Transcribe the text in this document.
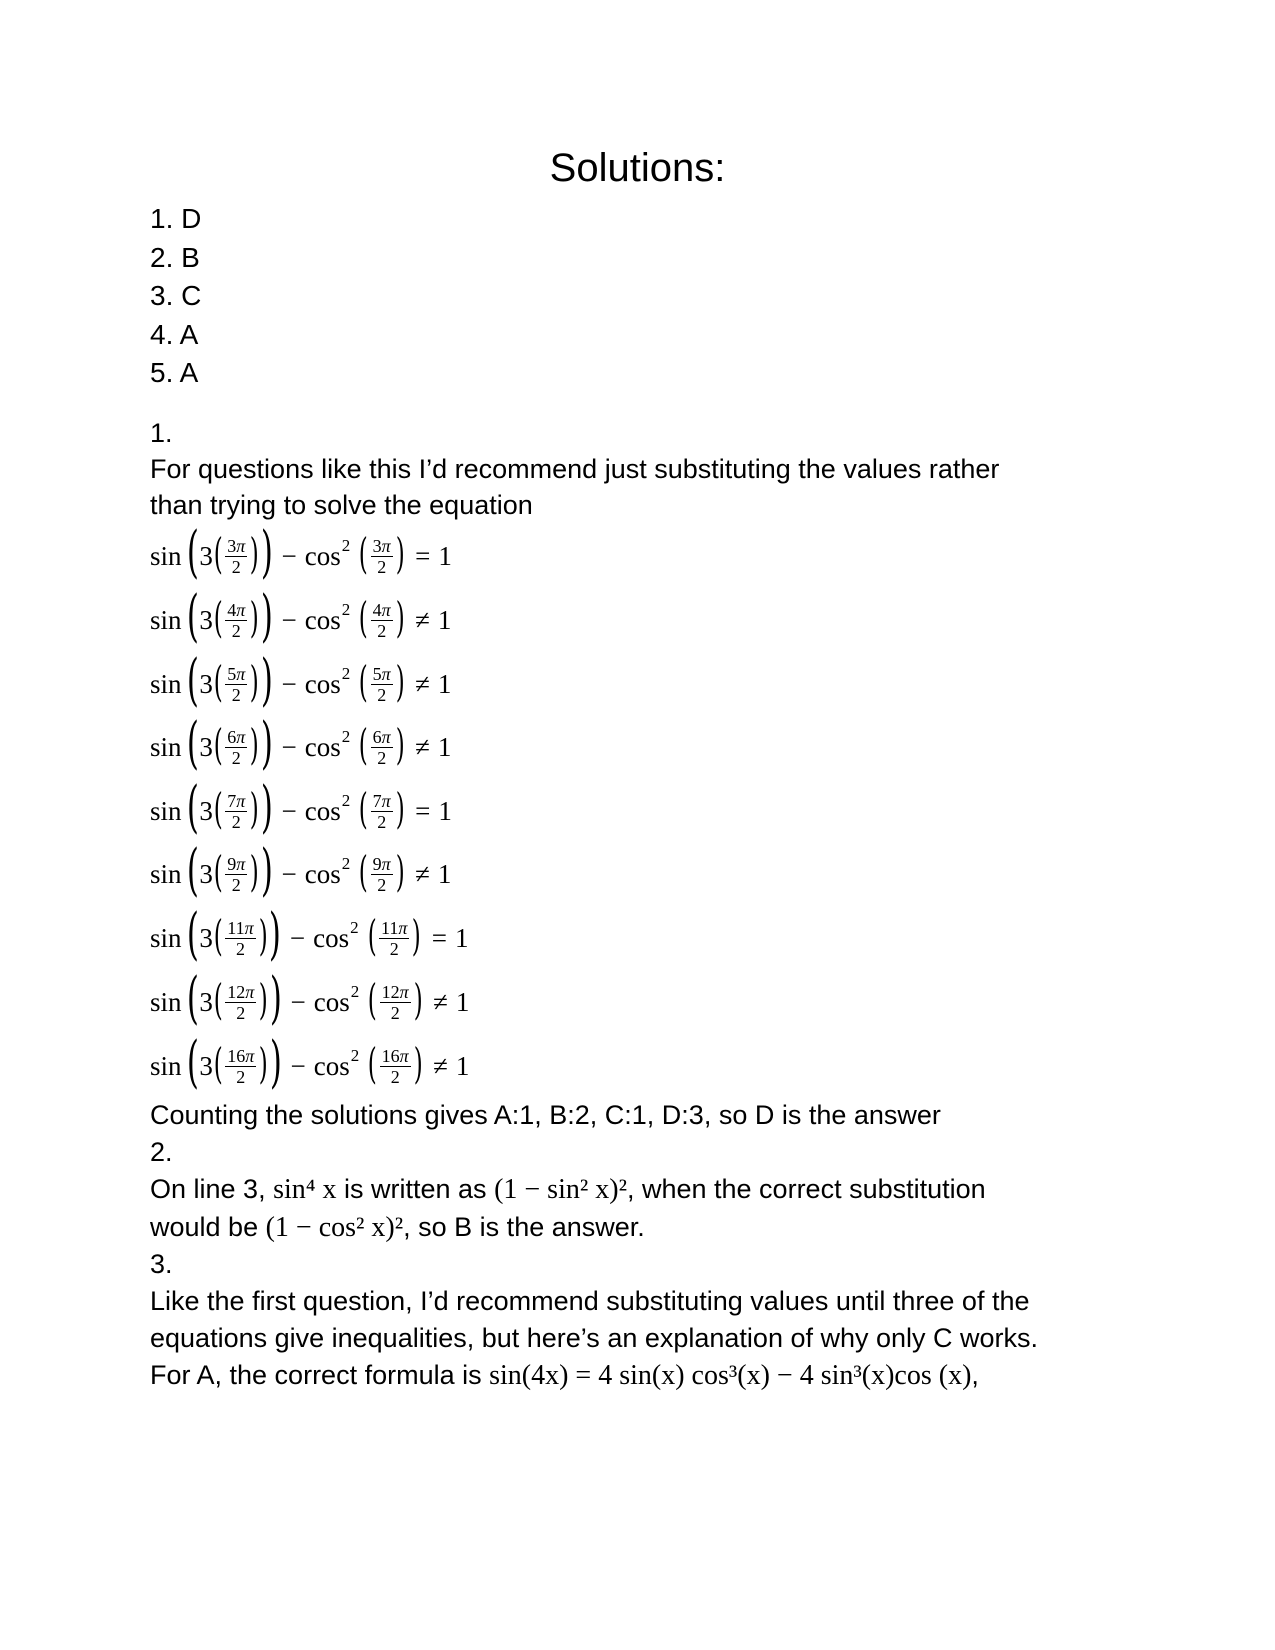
Solutions:
1. D
2. B
3. C
4. A
5. A
1.
For questions like this I’d recommend just substituting the values rather
than trying to solve the equation
sin ( 3 ( $\frac{3\pi}{2}$ ) ) − cos 2 ( $\frac{3\pi}{2}$ ) = 1
sin ( 3 ( $\frac{4\pi}{2}$ ) ) − cos 2 ( $\frac{4\pi}{2}$ ) ≠ 1
sin ( 3 ( $\frac{5\pi}{2}$ ) ) − cos 2 ( $\frac{5\pi}{2}$ ) ≠ 1
sin ( 3 ( $\frac{6\pi}{2}$ ) ) − cos 2 ( $\frac{6\pi}{2}$ ) ≠ 1
sin ( 3 ( $\frac{7\pi}{2}$ ) ) − cos 2 ( $\frac{7\pi}{2}$ ) = 1
sin ( 3 ( $\frac{9\pi}{2}$ ) ) − cos 2 ( $\frac{9\pi}{2}$ ) ≠ 1
sin ( 3 ( $\frac{11\pi}{2}$ ) ) − cos 2 ( $\frac{11\pi}{2}$ ) = 1
sin ( 3 ( $\frac{12\pi}{2}$ ) ) − cos 2 ( $\frac{12\pi}{2}$ ) ≠ 1
sin ( 3 ( $\frac{16\pi}{2}$ ) ) − cos 2 ( $\frac{16\pi}{2}$ ) ≠ 1
Counting the solutions gives A:1, B:2, C:1, D:3, so D is the answer
2.
On line 3, sin⁴ x is written as (1 − sin² x)², when the correct substitution
would be (1 − cos² x)², so B is the answer.
3.
Like the first question, I’d recommend substituting values until three of the
equations give inequalities, but here’s an explanation of why only C works.
For A, the correct formula is sin(4x) = 4 sin(x) cos³(x) − 4 sin³(x)cos (x),
